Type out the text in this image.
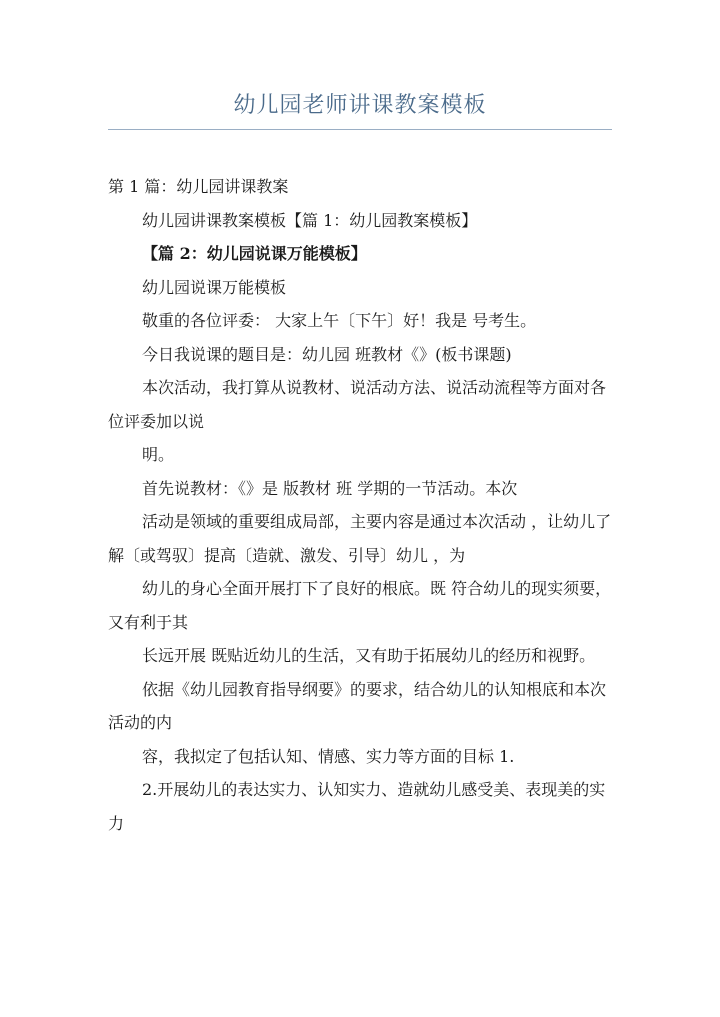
幼儿园老师讲课教案模板

第 1 篇：幼儿园讲课教案

幼儿园讲课教案模板【篇 1：幼儿园教案模板】

【篇 2：幼儿园说课万能模板】

幼儿园说课万能模板

敬重的各位评委： 大家上午〔下午〕好！我是 号考生。

今日我说课的题目是：幼儿园 班教材《》(板书课题)

本次活动，我打算从说教材、说活动方法、说活动流程等方面对各位评委加以说

明。

首先说教材：《》是 版教材 班 学期的一节活动。本次

活动是领域的重要组成局部，主要内容是通过本次活动 ，让幼儿了解〔或驾驭〕提高〔造就、激发、引导〕幼儿 ，为

幼儿的身心全面开展打下了良好的根底。既 符合幼儿的现实须要，又有利于其

长远开展 既贴近幼儿的生活，又有助于拓展幼儿的经历和视野。

依据《幼儿园教育指导纲要》的要求，结合幼儿的认知根底和本次活动的内

容，我拟定了包括认知、情感、实力等方面的目标 1.

2.开展幼儿的表达实力、认知实力、造就幼儿感受美、表现美的实力
